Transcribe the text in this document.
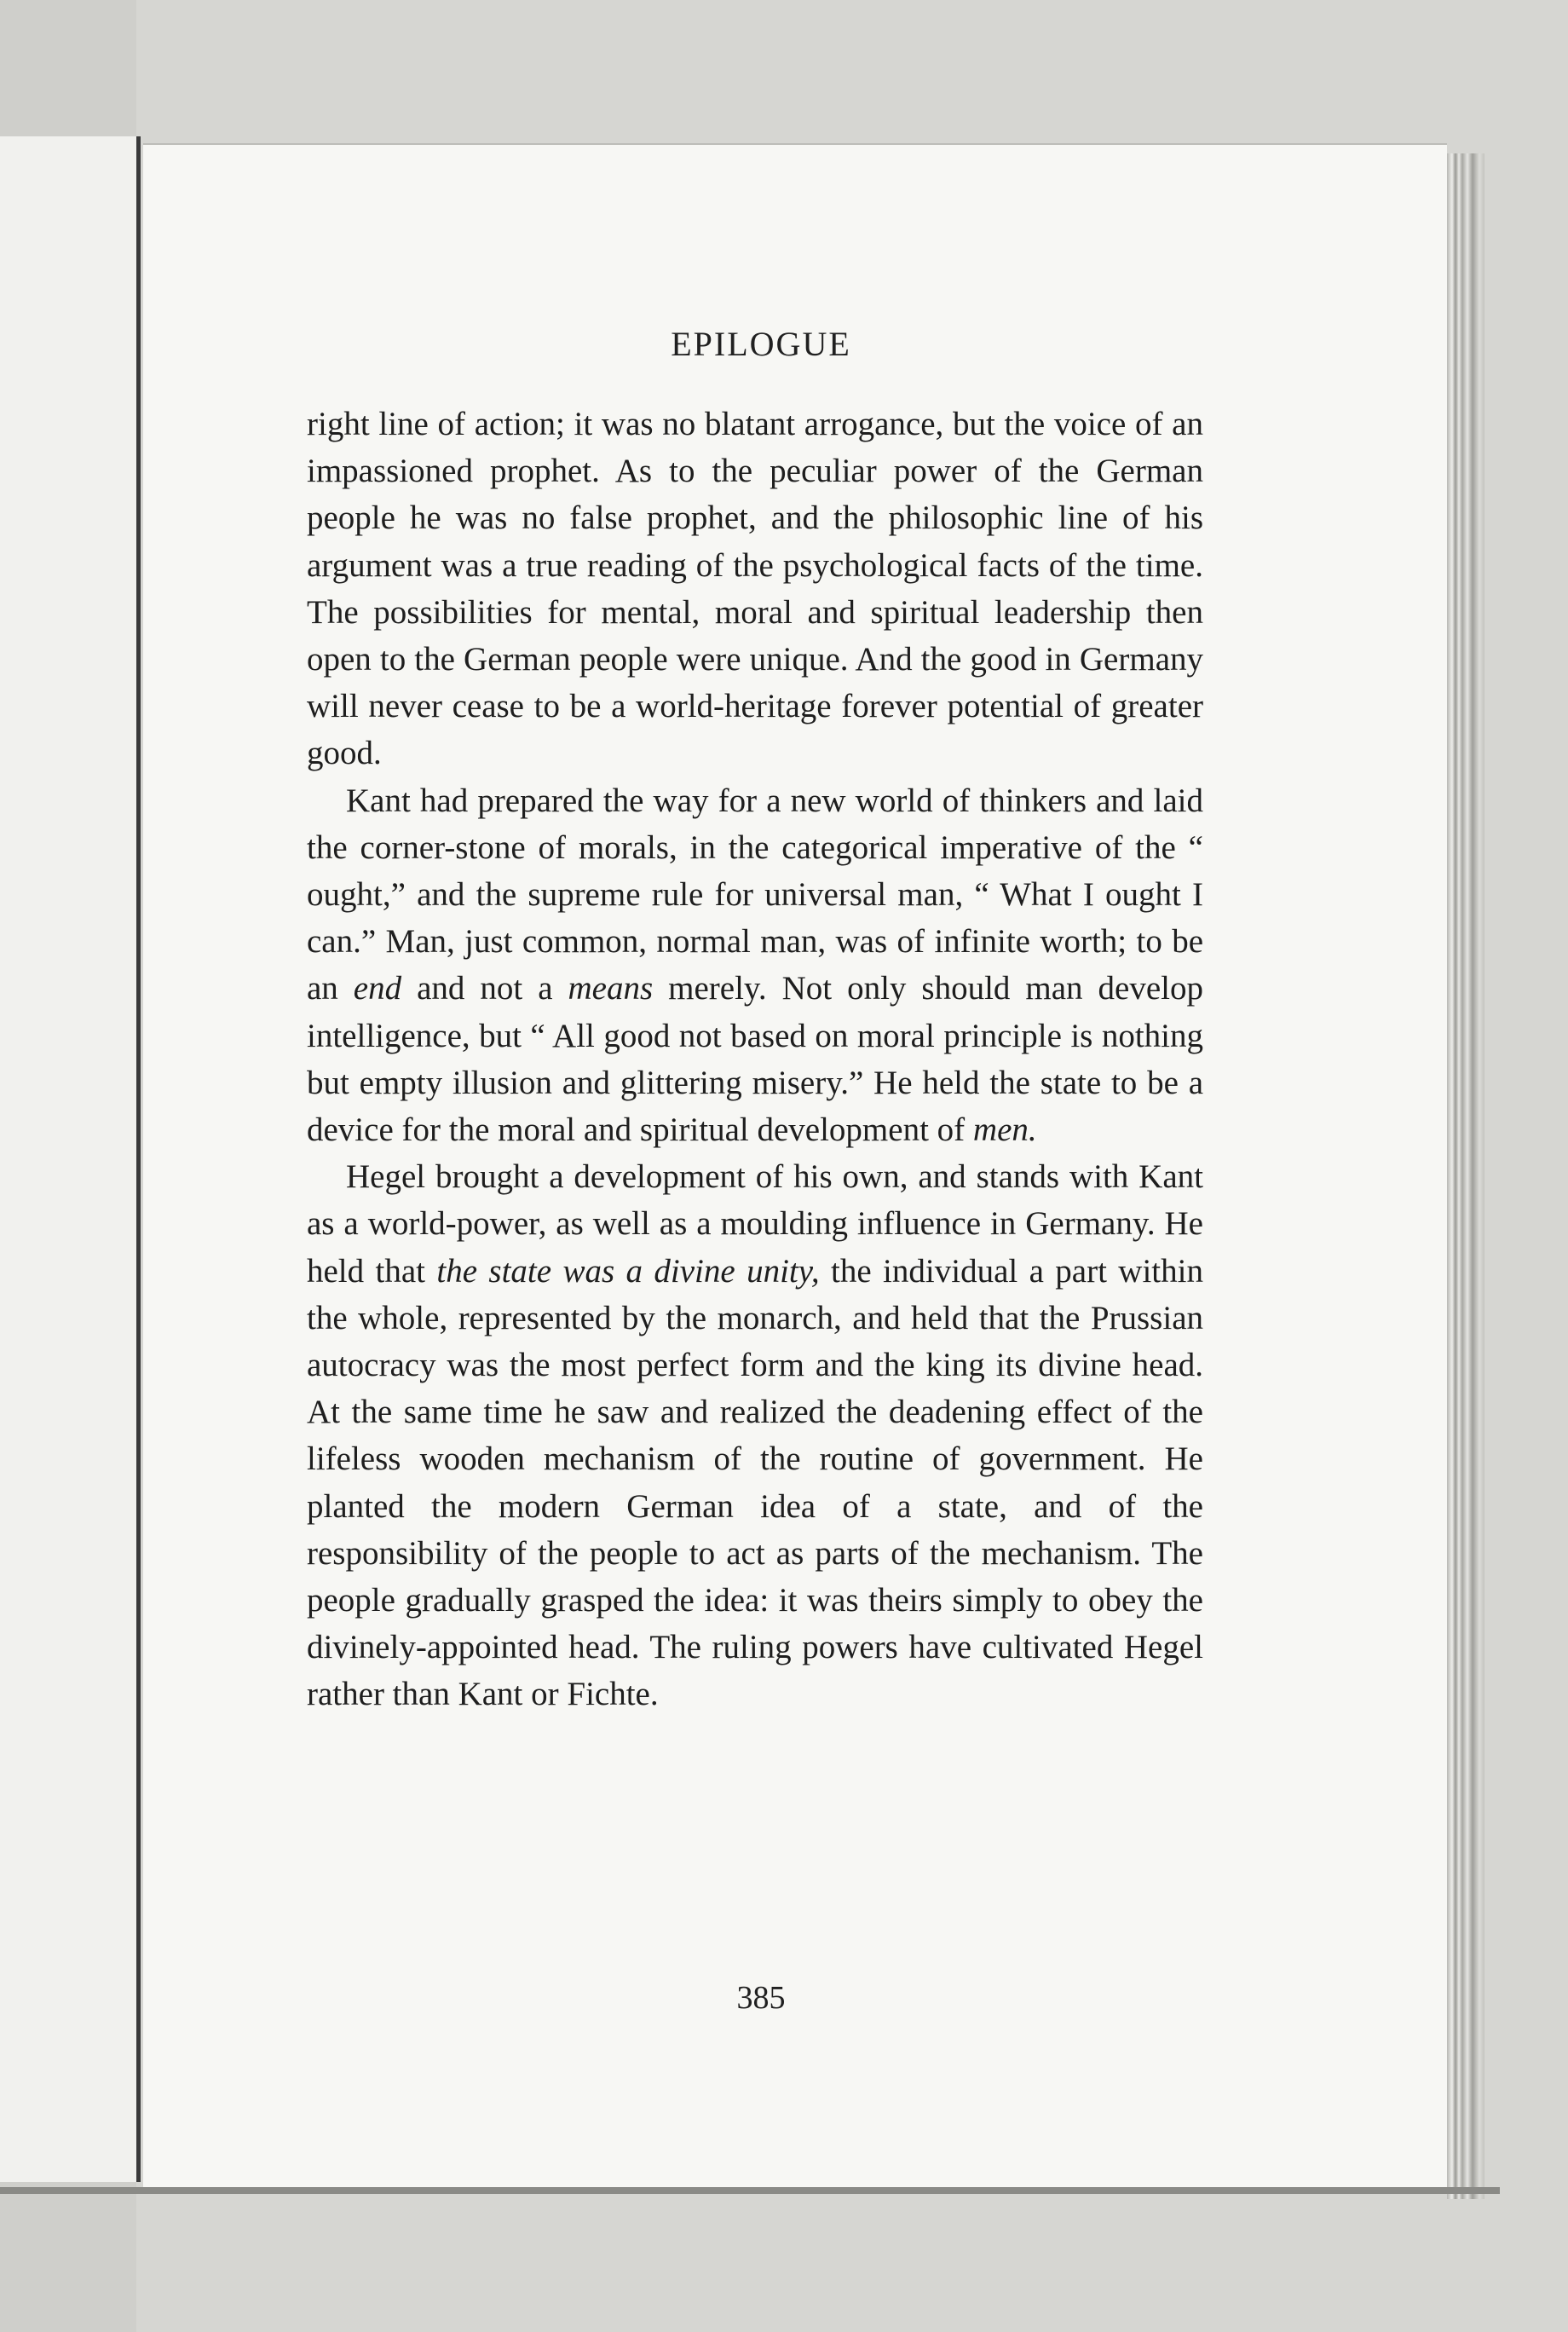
EPILOGUE

right line of action; it was no blatant arrogance, but the voice of an impassioned prophet. As to the peculiar power of the German people he was no false prophet, and the philosophic line of his argument was a true reading of the psychological facts of the time. The possibilities for mental, moral and spiritual leadership then open to the German people were unique. And the good in Germany will never cease to be a world-heritage forever potential of greater good.

Kant had prepared the way for a new world of thinkers and laid the corner-stone of morals, in the categorical imperative of the “ ought,” and the supreme rule for universal man, “ What I ought I can.” Man, just common, normal man, was of infinite worth; to be an end and not a means merely. Not only should man develop intelligence, but “ All good not based on moral principle is nothing but empty illusion and glittering misery.” He held the state to be a device for the moral and spiritual development of men.

Hegel brought a development of his own, and stands with Kant as a world-power, as well as a moulding influence in Germany. He held that the state was a divine unity, the individual a part within the whole, represented by the monarch, and held that the Prussian autocracy was the most perfect form and the king its divine head. At the same time he saw and realized the deadening effect of the lifeless wooden mechanism of the routine of government. He planted the modern German idea of a state, and of the responsibility of the people to act as parts of the mechanism. The people gradually grasped the idea: it was theirs simply to obey the divinely-appointed head. The ruling powers have cultivated Hegel rather than Kant or Fichte.

385
